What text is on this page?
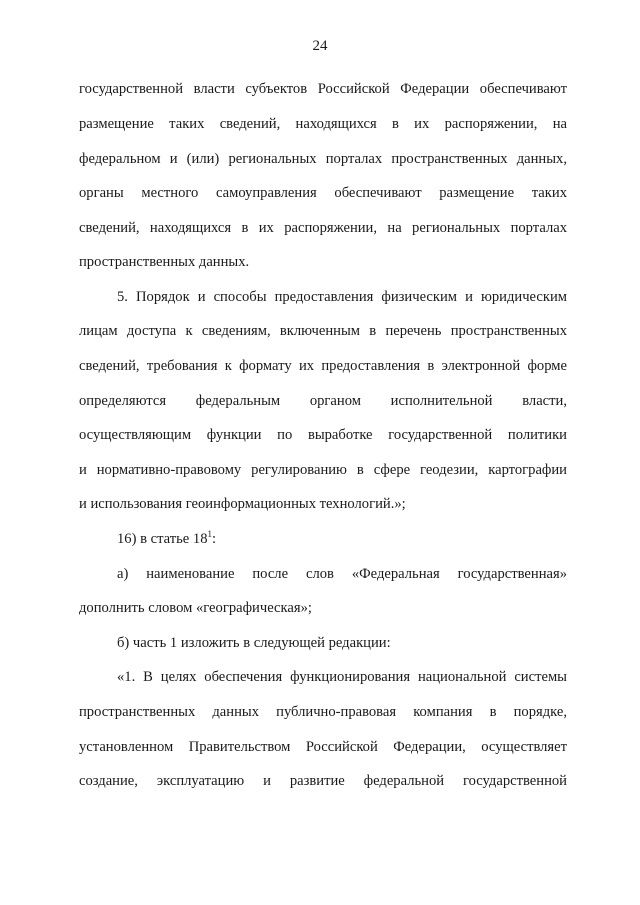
24
государственной власти субъектов Российской Федерации обеспечивают
размещение таких сведений, находящихся в их распоряжении, на
федеральном и (или) региональных порталах пространственных данных,
органы местного самоуправления обеспечивают размещение таких
сведений, находящихся в их распоряжении, на региональных порталах
пространственных данных.
5. Порядок и способы предоставления физическим и юридическим
лицам доступа к сведениям, включенным в перечень пространственных
сведений, требования к формату их предоставления в электронной форме
определяются федеральным органом исполнительной власти,
осуществляющим функции по выработке государственной политики
и нормативно-правовому регулированию в сфере геодезии, картографии
и использования геоинформационных технологий.»;
16) в статье $18^1$:
а) наименование после слов «Федеральная государственная»
дополнить словом «географическая»;
б) часть 1 изложить в следующей редакции:
«1. В целях обеспечения функционирования национальной системы
пространственных данных публично-правовая компания в порядке,
установленном Правительством Российской Федерации, осуществляет
создание, эксплуатацию и развитие федеральной государственной
